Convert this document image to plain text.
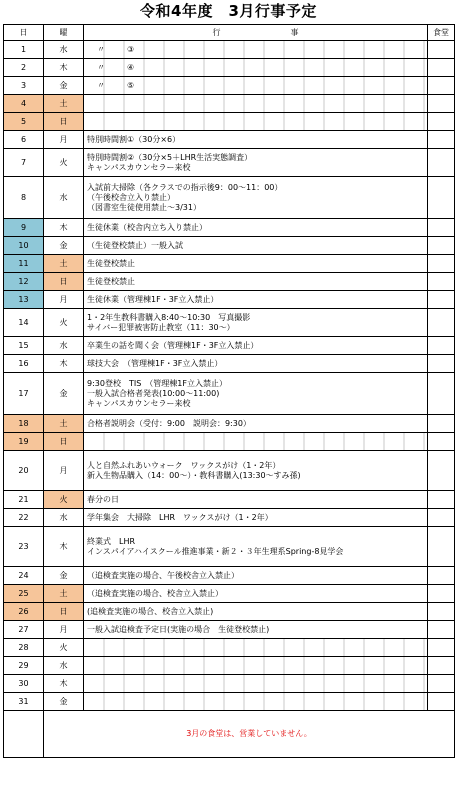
令和4年度　3月行事予定
日	曜	行 事	食堂
1	水	〃 ③	
2	木	〃 ④	
3	金	〃 ⑤	
4	土		
5	日		
6	月	特別時間割①（30分×6）	

7	火	特別時間割②（30分×5＋LHR生活実態調査）
キャンパスカウンセラー来校	

8	水	入試前大掃除（各クラスでの指示後9：00～11：00）
（午後校舎立入り禁止）
（図書室生徒使用禁止～3/31）	

9	木	生徒休業（校舎内立ち入り禁止）	

10	金	（生徒登校禁止）一般入試	

11	土	生徒登校禁止	

12	日	生徒登校禁止	

13	月	生徒休業（管理棟1F・3F立入禁止）	

14	火	1・2年生教科書購入8:40～10:30　写真撮影
サイバー犯罪被害防止教室（11：30～）	

15	水	卒業生の話を聞く会（管理棟1F・3F立入禁止）	

16	木	球技大会　（管理棟1F・3F立入禁止）	

17	金	9:30登校　TIS　（管理棟1F立入禁止）
一般入試合格者発表(10:00～11:00)
キャンパスカウンセラー来校	

18	土	合格者説明会（受付：9:00　説明会：9:30）	

19	日		
20	月	人と自然ふれあいウォーク　ワックスがけ（1・2年）
新入生物品購入（14：00～）・教科書購入(13:30～すみ孫)	

21	火	春分の日	

22	水	学年集会　大掃除　LHR　ワックスがけ（1・2年）	

23	木	終業式　LHR
インスパイアハイスクール推進事業・新２・３年生理系Spring-8見学会	

24	金	（追検査実施の場合、午後校舎立入禁止）	

25	土	（追検査実施の場合、校舎立入禁止）	

26	日	(追検査実施の場合、校舎立入禁止)	

27	月	一般入試追検査予定日(実施の場合　生徒登校禁止)	

28	火		
29	水		
30	木		
31	金		
	3月の食堂は、営業していません。		
